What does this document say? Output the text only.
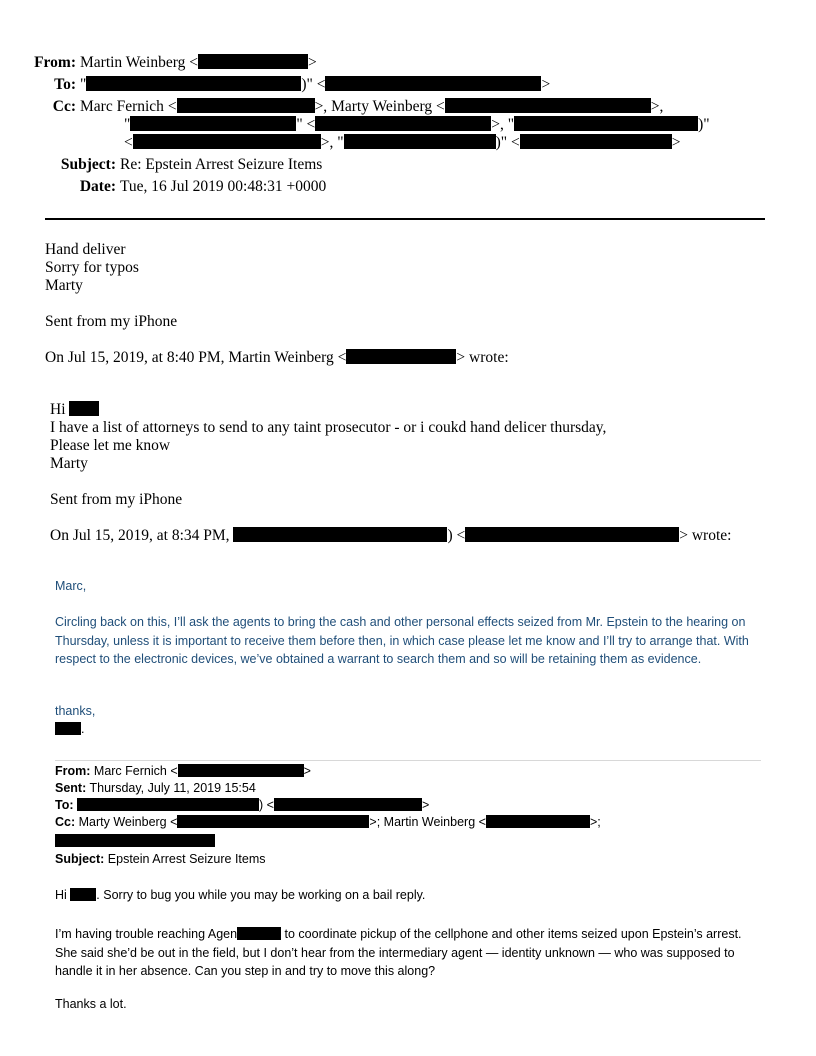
From: Martin Weinberg <	>
To: "	)" <	>
Cc: Marc Fernich <	>, Marty Weinberg <	>,
"	" <	>, "	)"
<	>, "	)" <	>
Subject: Re: Epstein Arrest Seizure Items
Date: Tue, 16 Jul 2019 00:48:31 +0000
Hand deliver
Sorry for typos
Marty
Sent from my iPhone
On Jul 15, 2019, at 8:40 PM, Martin Weinberg <	> wrote:
Hi
I have a list of attorneys to send to any taint prosecutor - or i coukd hand delicer thursday,
Please let me know
Marty
Sent from my iPhone
On Jul 15, 2019, at 8:34 PM,	) <	> wrote:
Marc,
Circling back on this, I’ll ask the agents to bring the cash and other personal effects seized from Mr. Epstein to the hearing on Thursday, unless it is important to receive them before then, in which case please let me know and I’ll try to arrange that. With respect to the electronic devices, we’ve obtained a warrant to search them and so will be retaining them as evidence.
thanks,
.
From: Marc Fernich <	>
Sent: Thursday, July 11, 2019 15:54
To:	) <	>
Cc: Marty Weinberg <	>; Martin Weinberg <	>;
Subject: Epstein Arrest Seizure Items
Hi . Sorry to bug you while you may be working on a bail reply.
I’m having trouble reaching Agen	to coordinate pickup of the cellphone and other items seized upon Epstein’s arrest. She said she’d be out in the field, but I don’t hear from the intermediary agent — identity unknown — who was supposed to handle it in her absence. Can you step in and try to move this along?
Thanks a lot.
